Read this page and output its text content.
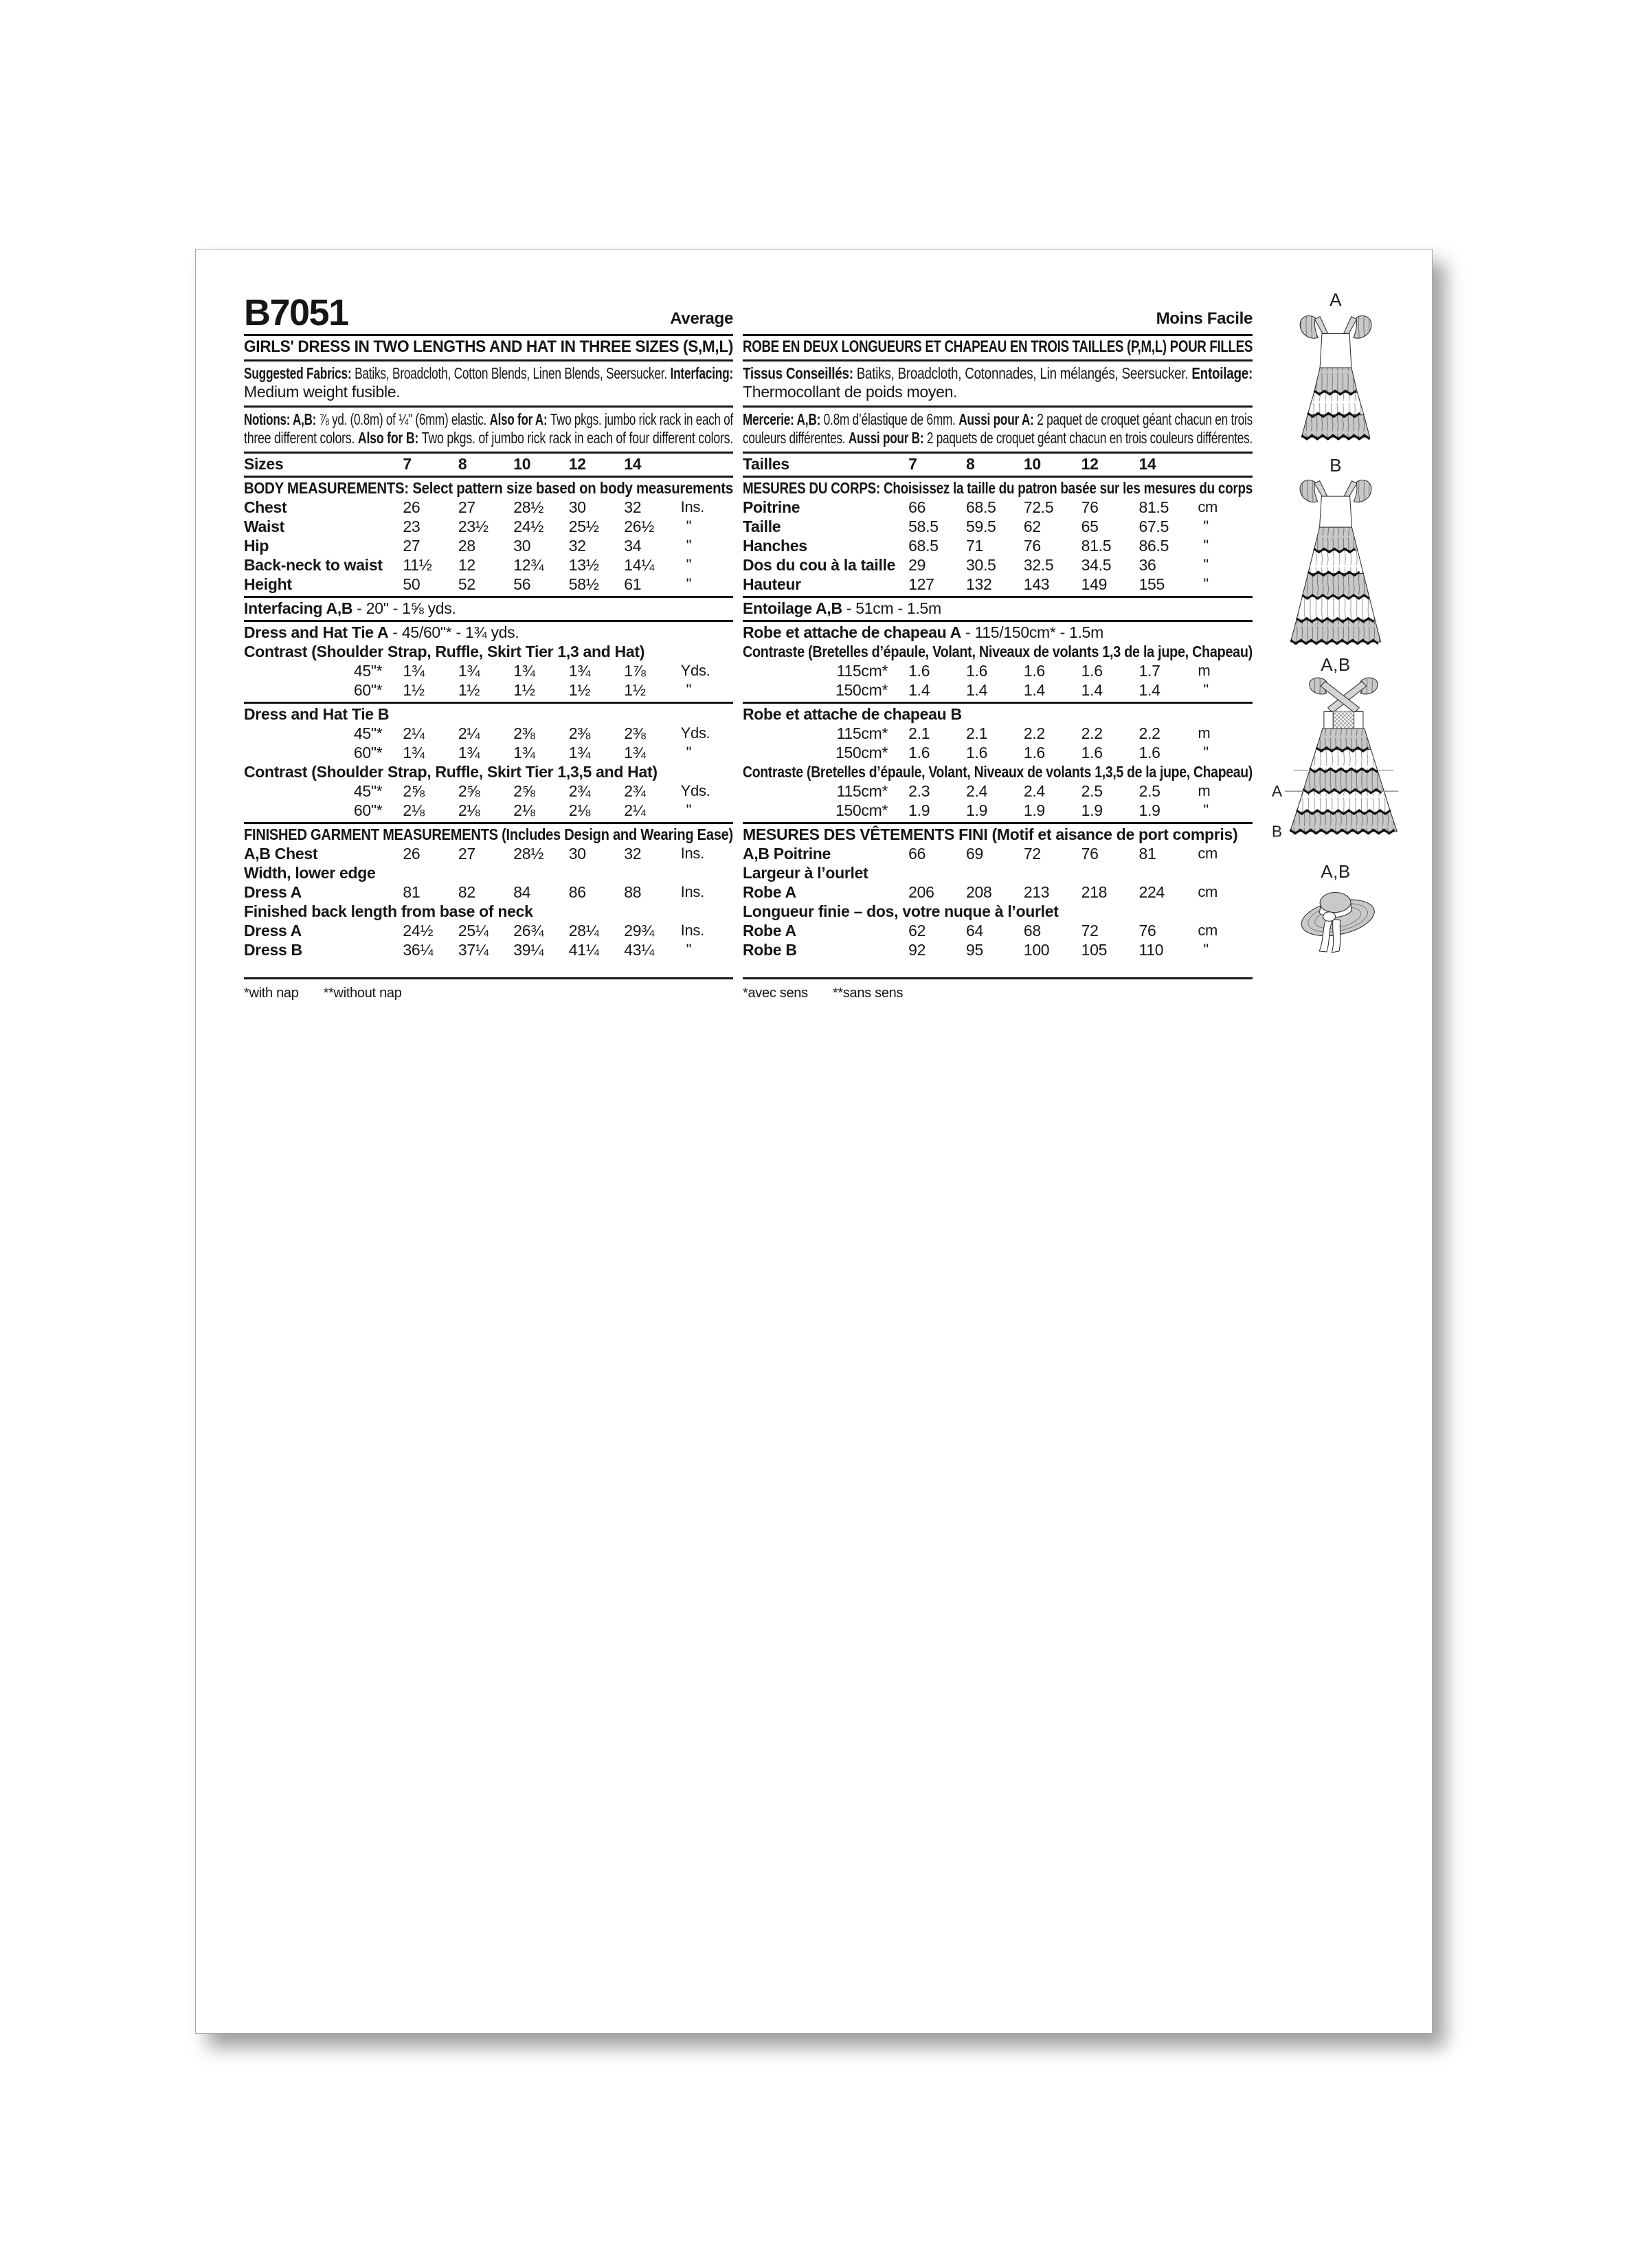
B7051	Average
GIRLS' DRESS IN TWO LENGTHS AND HAT IN THREE SIZES (S,M,L)
Suggested Fabrics: Batiks, Broadcloth, Cotton Blends, Linen Blends, Seersucker. Interfacing:
Medium weight fusible.
Notions: A,B: ⅞ yd. (0.8m) of ¼" (6mm) elastic. Also for A: Two pkgs. jumbo rick rack in each of
three different colors. Also for B: Two pkgs. of jumbo rick rack in each of four different colors.
Sizes	7	8	10	12	14
BODY MEASUREMENTS: Select pattern size based on body measurements
Chest	26	27	28½	30	32	Ins.
Waist	23	23½	24½	25½	26½	"
Hip	27	28	30	32	34	"
Back-neck to waist	11½	12	12¾	13½	14¼	"
Height	50	52	56	58½	61	"
Interfacing A,B - 20" - 1⅝ yds.
Dress and Hat Tie A - 45/60"* - 1¾ yds.
Contrast (Shoulder Strap, Ruffle, Skirt Tier 1,3 and Hat)
45"*	1¾	1¾	1¾	1¾	1⅞	Yds.
60"*	1½	1½	1½	1½	1½	"
Dress and Hat Tie B
45"*	2¼	2¼	2⅜	2⅜	2⅜	Yds.
60"*	1¾	1¾	1¾	1¾	1¾	"
Contrast (Shoulder Strap, Ruffle, Skirt Tier 1,3,5 and Hat)
45"*	2⅝	2⅝	2⅝	2¾	2¾	Yds.
60"*	2⅛	2⅛	2⅛	2⅛	2¼	"
FINISHED GARMENT MEASUREMENTS (Includes Design and Wearing Ease)
A,B Chest	26	27	28½	30	32	Ins.
Width, lower edge
Dress A	81	82	84	86	88	Ins.
Finished back length from base of neck
Dress A	24½	25¼	26¾	28¼	29¾	Ins.
Dress B	36¼	37¼	39¼	41¼	43¼	"
*with nap **without nap
Moins Facile
ROBE EN DEUX LONGUEURS ET CHAPEAU EN TROIS TAILLES (P,M,L) POUR FILLES
Tissus Conseillés: Batiks, Broadcloth, Cotonnades, Lin mélangés, Seersucker. Entoilage:
Thermocollant de poids moyen.
Mercerie: A,B: 0.8m d’élastique de 6mm. Aussi pour A: 2 paquet de croquet géant chacun en trois
couleurs différentes. Aussi pour B: 2 paquets de croquet géant chacun en trois couleurs différentes.
Tailles	7	8	10	12	14
MESURES DU CORPS: Choisissez la taille du patron basée sur les mesures du corps
Poitrine	66	68.5	72.5	76	81.5	cm
Taille	58.5	59.5	62	65	67.5	"
Hanches	68.5	71	76	81.5	86.5	"
Dos du cou à la taille 29	30.5	32.5	34.5	36	"
Hauteur	127	132	143	149	155	"
Entoilage A,B - 51cm - 1.5m
Robe et attache de chapeau A - 115/150cm* - 1.5m
Contraste (Bretelles d’épaule, Volant, Niveaux de volants 1,3 de la jupe, Chapeau)
115cm*	1.6	1.6	1.6	1.6	1.7	m
150cm*	1.4	1.4	1.4	1.4	1.4	"
Robe et attache de chapeau B
115cm*	2.1	2.1	2.2	2.2	2.2	m
150cm*	1.6	1.6	1.6	1.6	1.6	"
Contraste (Bretelles d’épaule, Volant, Niveaux de volants 1,3,5 de la jupe, Chapeau)
115cm*	2.3	2.4	2.4	2.5	2.5	m
150cm*	1.9	1.9	1.9	1.9	1.9	"
MESURES DES VÊTEMENTS FINI (Motif et aisance de port compris)
A,B Poitrine	66	69	72	76	81	cm
Largeur à l’ourlet
Robe A	206	208	213	218	224	cm
Longueur finie – dos, votre nuque à l’ourlet
Robe A	62	64	68	72	76	cm
Robe B	92	95	100	105	110	"
*avec sens **sans sens
A
B
A,B
A
B
A,B
